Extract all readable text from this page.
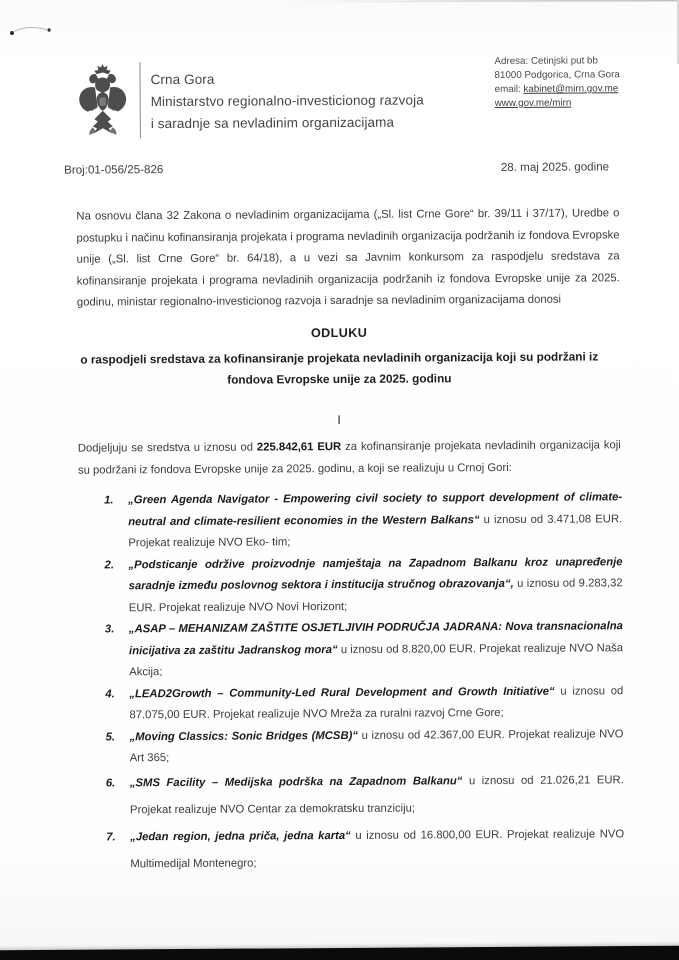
Crna Gora
Ministarstvo regionalno-investicionog razvoja
i saradnje sa nevladinim organizacijama
Adresa: Cetinjski put bb
81000 Podgorica, Crna Gora
email: kabinet@mirn.gov.me
www.gov.me/mirn
Broj:01-056/25-826	28. maj 2025. godine

Na osnovu člana 32 Zakona o nevladinim organizacijama („Sl. list Crne Gore“ br. 39/11 i 37/17), Uredbe o postupku i načinu kofinansiranja projekata i programa nevladinih organizacija podržanih iz fondova Evropske unije („Sl. list Crne Gore“ br. 64/18), a u vezi sa Javnim konkursom za raspodjelu sredstava za kofinansiranje projekata i programa nevladinih organizacija podržanih iz fondova Evropske unije za 2025. godinu, ministar regionalno-investicionog razvoja i saradnje sa nevladinim organizacijama donosi

ODLUKU
o raspodjeli sredstava za kofinansiranje projekata nevladinih organizacija koji su podržani iz fondova Evropske unije za 2025. godinu
I

Dodjeljuju se sredstva u iznosu od 225.842,61 EUR za kofinansiranje projekata nevladinih organizacija koji su podržani iz fondova Evropske unije za 2025. godinu, a koji se realizuju u Crnoj Gori:

1. „Green Agenda Navigator - Empowering civil society to support development of climate-neutral and climate-resilient economies in the Western Balkans“ u iznosu od 3.471,08 EUR. Projekat realizuje NVO Eko- tim;
2. „Podsticanje održive proizvodnje namještaja na Zapadnom Balkanu kroz unapređenje saradnje između poslovnog sektora i institucija stručnog obrazovanja“, u iznosu od 9.283,32 EUR. Projekat realizuje NVO Novi Horizont;
3. „ASAP – MEHANIZAM ZAŠTITE OSJETLJIVIH PODRUČJA JADRANA: Nova transnacionalna inicijativa za zaštitu Jadranskog mora“ u iznosu od 8.820,00 EUR. Projekat realizuje NVO Naša Akcija;
4. „LEAD2Growth – Community-Led Rural Development and Growth Initiative“ u iznosu od 87.075,00 EUR. Projekat realizuje NVO Mreža za ruralni razvoj Crne Gore;
5. „Moving Classics: Sonic Bridges (MCSB)“ u iznosu od 42.367,00 EUR. Projekat realizuje NVO Art 365;
6. „SMS Facility – Medijska podrška na Zapadnom Balkanu“ u iznosu od 21.026,21 EUR. Projekat realizuje NVO Centar za demokratsku tranziciju;
7. „Jedan region, jedna priča, jedna karta“ u iznosu od 16.800,00 EUR. Projekat realizuje NVO Multimedijal Montenegro;
